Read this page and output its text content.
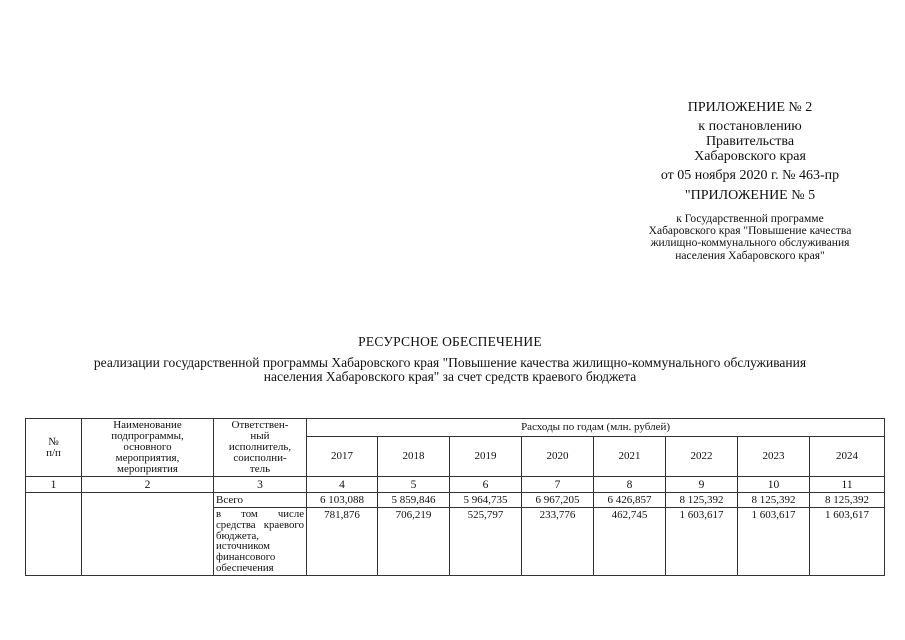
ПРИЛОЖЕНИЕ № 2
к постановлению
Правительства
Хабаровского края
от 05 ноября 2020 г. № 463-пр
"ПРИЛОЖЕНИЕ № 5
к Государственной программе
Хабаровского края "Повышение качества
жилищно-коммунального обслуживания
населения Хабаровского края"
РЕСУРСНОЕ ОБЕСПЕЧЕНИЕ
реализации государственной программы Хабаровского края "Повышение качества жилищно-коммунального обслуживания
населения Хабаровского края" за счет средств краевого бюджета
№
п/п	Наименование
подпрограммы,
основного
мероприятия,
мероприятия	Ответствен-
ный
исполнитель,
соисполни-
тель	Расходы по годам (млн. рублей)							
			2017	2018	2019	2020	2021	2022	2023	2024
1	2	3	4	5	6	7	8	9	10	11
		Всего	6 103,088	5 859,846	5 964,735	6 967,205	6 426,857	8 125,392	8 125,392	8 125,392
		в том числе средства краевого бюджета, источником финансового обеспечения	781,876	706,219	525,797	233,776	462,745	1 603,617	1 603,617	1 603,617
